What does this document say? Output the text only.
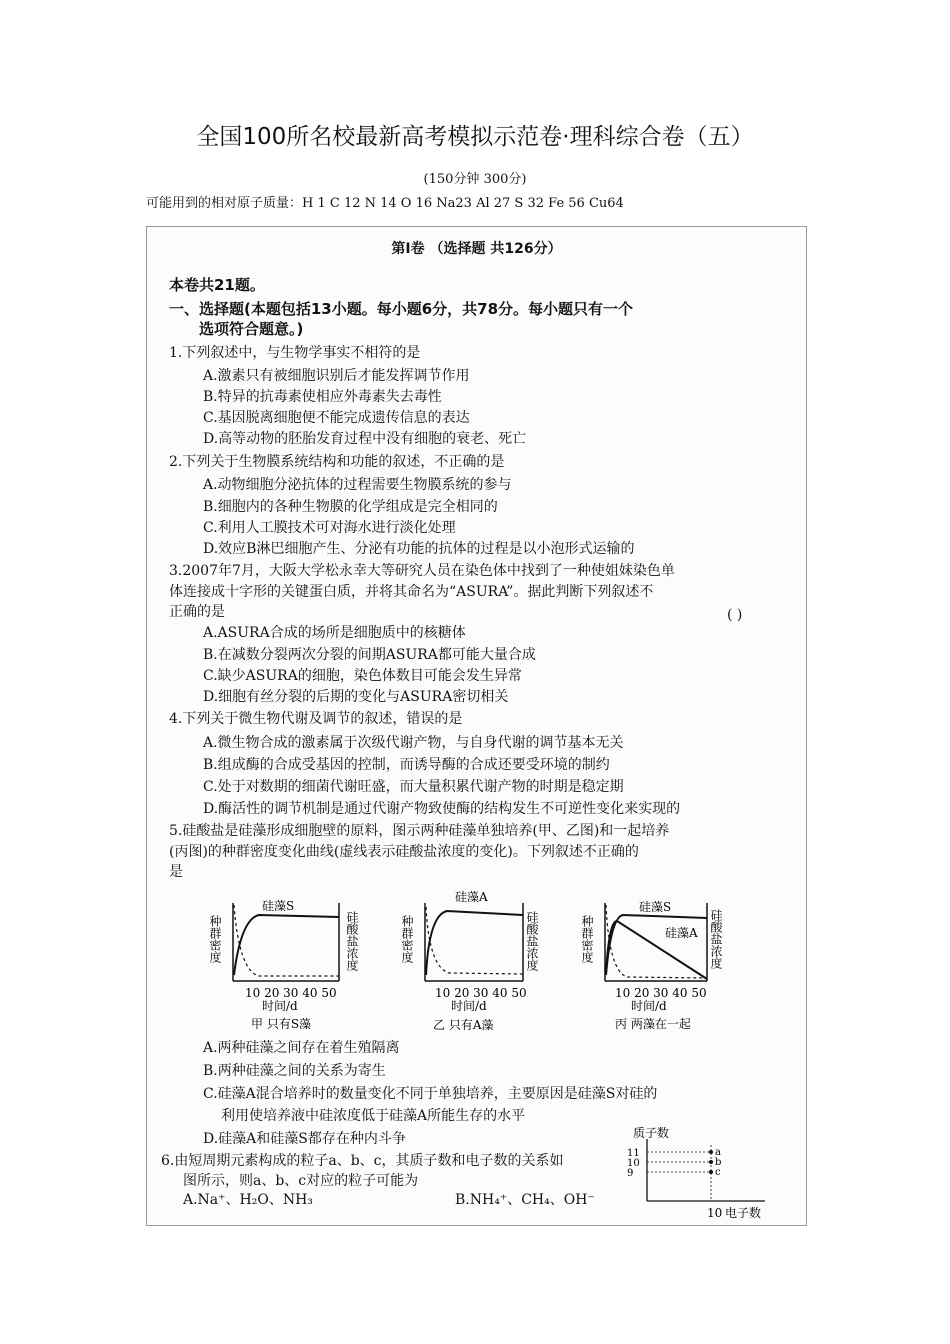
全国100所名校最新高考模拟示范卷·理科综合卷（五）
(150分钟 300分)
可能用到的相对原子质量：H 1 C 12 N 14 O 16 Na23 Al 27 S 32 Fe 56 Cu64
第Ⅰ卷 （选择题 共126分）
本卷共21题。
一、选择题(本题包括13小题。每小题6分，共78分。每小题只有一个
选项符合题意。)
1.下列叙述中，与生物学事实不相符的是
A.激素只有被细胞识别后才能发挥调节作用
B.特异的抗毒素使相应外毒素失去毒性
C.基因脱离细胞便不能完成遗传信息的表达
D.高等动物的胚胎发育过程中没有细胞的衰老、死亡
2.下列关于生物膜系统结构和功能的叙述，不正确的是
A.动物细胞分泌抗体的过程需要生物膜系统的参与
B.细胞内的各种生物膜的化学组成是完全相同的
C.利用人工膜技术可对海水进行淡化处理
D.效应B淋巴细胞产生、分泌有功能的抗体的过程是以小泡形式运输的
3.2007年7月，大阪大学松永幸大等研究人员在染色体中找到了一种使姐妹染色单
体连接成十字形的关键蛋白质，并将其命名为“ASURA”。据此判断下列叙述不
正确的是	( )
A.ASURA合成的场所是细胞质中的核糖体
B.在减数分裂两次分裂的间期ASURA都可能大量合成
C.缺少ASURA的细胞，染色体数目可能会发生异常
D.细胞有丝分裂的后期的变化与ASURA密切相关
4.下列关于微生物代谢及调节的叙述，错误的是
A.微生物合成的激素属于次级代谢产物，与自身代谢的调节基本无关
B.组成酶的合成受基因的控制，而诱导酶的合成还要受环境的制约
C.处于对数期的细菌代谢旺盛，而大量积累代谢产物的时期是稳定期
D.酶活性的调节机制是通过代谢产物致使酶的结构发生不可逆性变化来实现的
5.硅酸盐是硅藻形成细胞壁的原料，图示两种硅藻单独培养(甲、乙图)和一起培养
(丙图)的种群密度变化曲线(虚线表示硅酸盐浓度的变化)。下列叙述不正确的
是
种群密度	硅酸盐浓度
硅藻S
10 20 30 40 50
时间/d
甲 只有S藻
种群密度	硅酸盐浓度
硅藻A
10 20 30 40 50
时间/d
乙 只有A藻
种群密度	硅酸盐浓度
硅藻S
硅藻A
10 20 30 40 50
时间/d
丙 两藻在一起
A.两种硅藻之间存在着生殖隔离
B.两种硅藻之间的关系为寄生
C.硅藻A混合培养时的数量变化不同于单独培养，主要原因是硅藻S对硅的
利用使培养液中硅浓度低于硅藻A所能生存的水平
D.硅藻A和硅藻S都存在种内斗争
6.由短周期元素构成的粒子a、b、c，其质子数和电子数的关系如
图所示，则a、b、c对应的粒子可能为
A.Na⁺、H₂O、NH₃	B.NH₄⁺、CH₄、OH⁻
质子数
11
10
9
a
b
c
10 电子数
